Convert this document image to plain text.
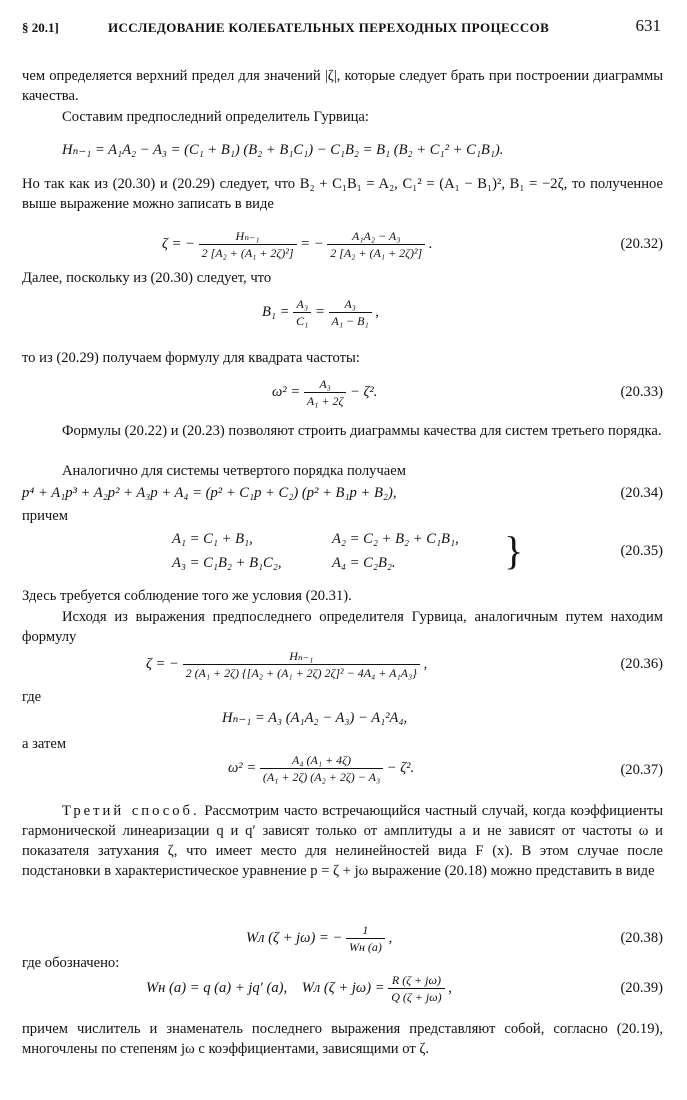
§ 20.1]	ИССЛЕДОВАНИЕ КОЛЕБАТЕЛЬНЫХ ПЕРЕХОДНЫХ ПРОЦЕССОВ	631
чем определяется верхний предел для значений |ζ|, которые следует брать при построении диаграммы качества.
Составим предпоследний определитель Гурвица:
Hₙ₋₁ = A₁A₂ − A₃ = (C₁ + B₁) (B₂ + B₁C₁) − C₁B₂ = B₁ (B₂ + C₁² + C₁B₁).
Но так как из (20.30) и (20.29) следует, что B₂ + C₁B₁ = A₂, C₁² = (A₁ − B₁)², B₁ = −2ζ, то полученное выше выражение можно записать в виде
ζ = − $\frac{\text{Hₙ₋₁}}{\text{2 [A₂ + (A₁ + 2ζ)²]}}$ = − $\frac{\text{A₁A₂ − A₃}}{\text{2 [A₂ + (A₁ + 2ζ)²]}}$ .	(20.32)
Далее, поскольку из (20.30) следует, что
$B_1 = \frac{\text{A₃}}{\text{C₁}} = \frac{\text{A₃}}{\text{A₁ − B₁}}$ ,
то из (20.29) получаем формулу для квадрата частоты:
$\omega^2 = \frac{\text{A₃}}{\text{A₁ + 2ζ}} - \zeta^2$.	(20.33)
Формулы (20.22) и (20.23) позволяют строить диаграммы качества для систем третьего порядка.
Аналогично для системы четвертого порядка получаем
p⁴ + A₁p³ + A₂p² + A₃p + A₄ = (p² + C₁p + C₂) (p² + B₁p + B₂),	(20.34)
причем
A₁ = C₁ + B₁,	A₂ = C₂ + B₂ + C₁B₁,
A₃ = C₁B₂ + B₁C₂,	A₄ = C₂B₂.	}	(20.35)
Здесь требуется соблюдение того же условия (20.31).
Исходя из выражения предпоследнего определителя Гурвица, аналогичным путем находим формулу
ζ = − $\frac{\text{Hₙ₋₁}}{\text{2 (A₁ + 2ζ) \{[A₂ + (A₁ + 2ζ) 2ζ]² − 4A₄ + A₁A₃\}}}$ ,	(20.36)
где
Hₙ₋₁ = A₃ (A₁A₂ − A₃) − A₁²A₄,
а затем
$\omega^2 = \frac{\text{A₄ (A₁ + 4ζ)}}{\text{(A₁ + 2ζ) (A₂ + 2ζ) − A₃}} - \zeta^2$.	(20.37)
Третий способ. Рассмотрим часто встречающийся частный случай, когда коэффициенты гармонической линеаризации q и q′ зависят только от амплитуды a и не зависят от частоты ω и показателя затухания ζ, что имеет место для нелинейностей вида F (x). В этом случае после подстановки в характеристическое уравнение p = ζ + jω выражение (20.18) можно представить в виде
Wл (ζ + jω) = − $\frac{1}{Wн (a)}$ ,	(20.38)
где обозначено:
Wн (a) = q (a) + jq′ (a), Wл $(\zeta + j\omega) = \frac{R (\zeta + j\omega)}{Q (\zeta + j\omega)}$ ,	(20.39)
причем числитель и знаменатель последнего выражения представляют собой, согласно (20.19), многочлены по степеням jω с коэффициентами, зависящими от ζ.
